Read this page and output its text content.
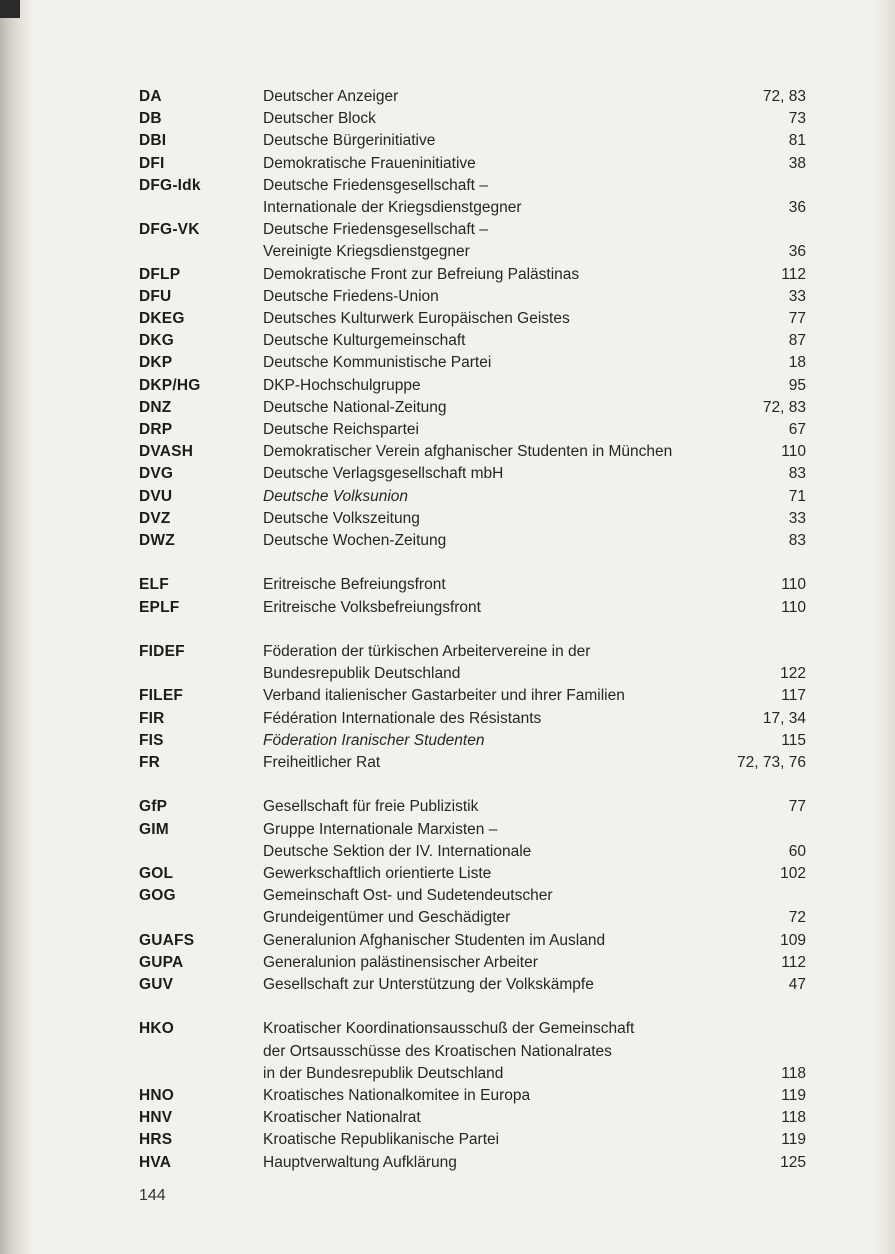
DA	Deutscher Anzeiger	72, 83
DB	Deutscher Block	73
DBI	Deutsche Bürgerinitiative	81
DFI	Demokratische Fraueninitiative	38
DFG-Idk	Deutsche Friedensgesellschaft –
Internationale der Kriegsdienstgegner	36
DFG-VK	Deutsche Friedensgesellschaft –
Vereinigte Kriegsdienstgegner	36
DFLP	Demokratische Front zur Befreiung Palästinas	112
DFU	Deutsche Friedens-Union	33
DKEG	Deutsches Kulturwerk Europäischen Geistes	77
DKG	Deutsche Kulturgemeinschaft	87
DKP	Deutsche Kommunistische Partei	18
DKP/HG	DKP-Hochschulgruppe	95
DNZ	Deutsche National-Zeitung	72, 83
DRP	Deutsche Reichspartei	67
DVASH	Demokratischer Verein afghanischer Studenten in München	110
DVG	Deutsche Verlagsgesellschaft mbH	83
DVU	Deutsche Volksunion	71
DVZ	Deutsche Volkszeitung	33
DWZ	Deutsche Wochen-Zeitung	83
ELF	Eritreische Befreiungsfront	110
EPLF	Eritreische Volksbefreiungsfront	110
FIDEF	Föderation der türkischen Arbeitervereine in der
Bundesrepublik Deutschland	122
FILEF	Verband italienischer Gastarbeiter und ihrer Familien	117
FIR	Fédération Internationale des Résistants	17, 34
FIS	Föderation Iranischer Studenten	115
FR	Freiheitlicher Rat	72, 73, 76
GfP	Gesellschaft für freie Publizistik	77
GIM	Gruppe Internationale Marxisten –
Deutsche Sektion der IV. Internationale	60
GOL	Gewerkschaftlich orientierte Liste	102
GOG	Gemeinschaft Ost- und Sudetendeutscher
Grundeigentümer und Geschädigter	72
GUAFS	Generalunion Afghanischer Studenten im Ausland	109
GUPA	Generalunion palästinensischer Arbeiter	112
GUV	Gesellschaft zur Unterstützung der Volkskämpfe	47
HKO	Kroatischer Koordinationsausschuß der Gemeinschaft
der Ortsausschüsse des Kroatischen Nationalrates
in der Bundesrepublik Deutschland	118
HNO	Kroatisches Nationalkomitee in Europa	119
HNV	Kroatischer Nationalrat	118
HRS	Kroatische Republikanische Partei	119
HVA	Hauptverwaltung Aufklärung	125
144
